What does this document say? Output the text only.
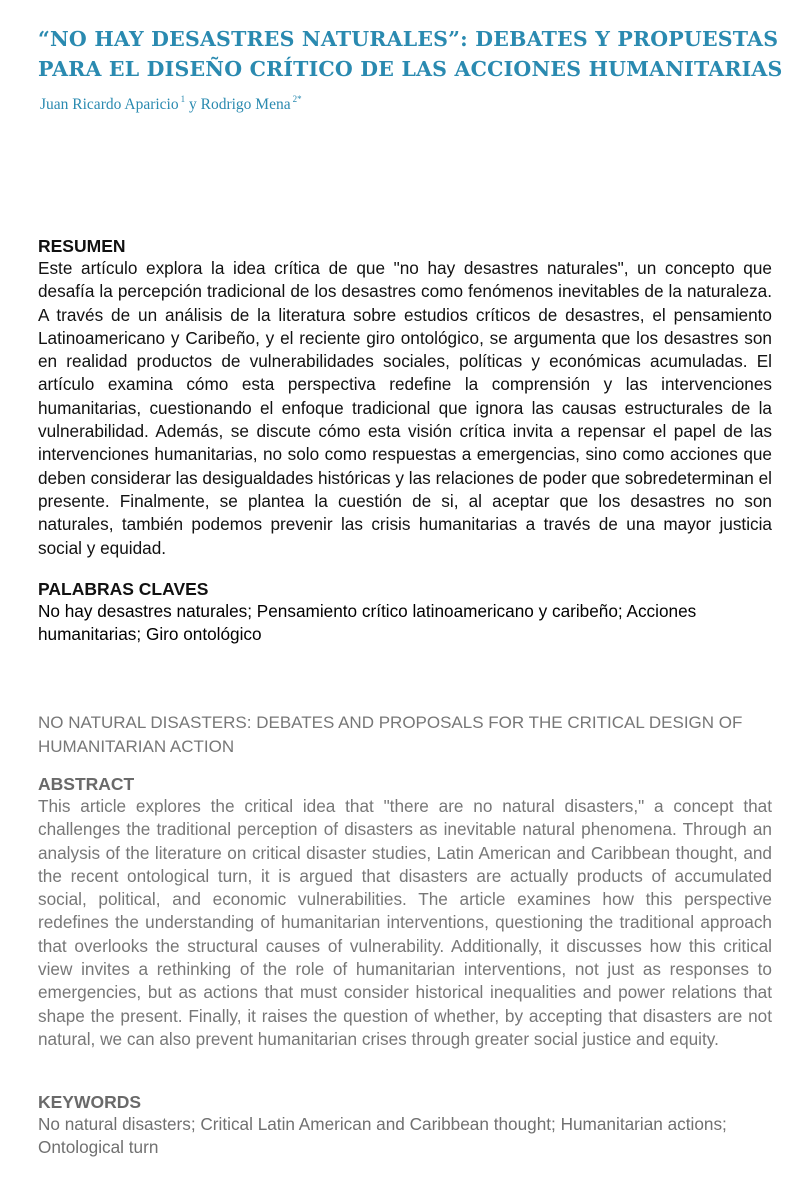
“NO HAY DESASTRES NATURALES”: DEBATES Y PROPUESTAS
PARA EL DISEÑO CRÍTICO DE LAS ACCIONES HUMANITARIAS
Juan Ricardo Aparicio $^1$ y Rodrigo Mena $^{2*}$
RESUMEN

Este artículo explora la idea crítica de que "no hay desastres naturales", un concepto que desafía la percepción tradicional de los desastres como fenómenos inevitables de la naturaleza. A través de un análisis de la literatura sobre estudios críticos de desastres, el pensamiento Latinoamericano y Caribeño, y el reciente giro ontológico, se argumenta que los desastres son en realidad productos de vulnerabilidades sociales, políticas y económicas acumuladas. El artículo examina cómo esta perspectiva redefine la comprensión y las intervenciones humanitarias, cuestionando el enfoque tradicional que ignora las causas estructurales de la vulnerabilidad. Además, se discute cómo esta visión crítica invita a repensar el papel de las intervenciones humanitarias, no solo como respuestas a emergencias, sino como acciones que deben considerar las desigualdades históricas y las relaciones de poder que sobredeterminan el presente. Finalmente, se plantea la cuestión de si, al aceptar que los desastres no son naturales, también podemos prevenir las crisis humanitarias a través de una mayor justicia social y equidad.

PALABRAS CLAVES

No hay desastres naturales; Pensamiento crítico latinoamericano y caribeño; Acciones humanitarias; Giro ontológico

NO NATURAL DISASTERS: DEBATES AND PROPOSALS FOR THE CRITICAL DESIGN OF HUMANITARIAN ACTION

ABSTRACT

This article explores the critical idea that "there are no natural disasters," a concept that challenges the traditional perception of disasters as inevitable natural phenomena. Through an analysis of the literature on critical disaster studies, Latin American and Caribbean thought, and the recent ontological turn, it is argued that disasters are actually products of accumulated social, political, and economic vulnerabilities. The article examines how this perspective redefines the understanding of humanitarian interventions, questioning the traditional approach that overlooks the structural causes of vulnerability. Additionally, it discusses how this critical view invites a rethinking of the role of humanitarian interventions, not just as responses to emergencies, but as actions that must consider historical inequalities and power relations that shape the present. Finally, it raises the question of whether, by accepting that disasters are not natural, we can also prevent humanitarian crises through greater social justice and equity.

KEYWORDS

No natural disasters; Critical Latin American and Caribbean thought; Humanitarian actions; Ontological turn
